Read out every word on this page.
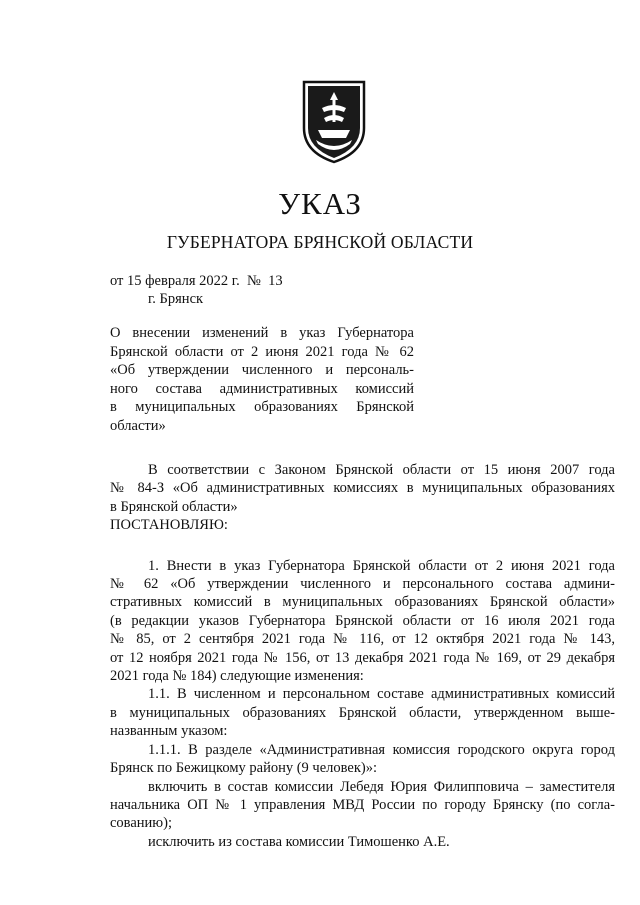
УКАЗ
ГУБЕРНАТОРА БРЯНСКОЙ ОБЛАСТИ
от 15 февраля 2022 г.  №  13
г. Брянск
О внесении изменений в указ Губернатора
Брянской области от 2 июня 2021 года № 62
«Об утверждении численного и персональ-
ного состава административных комиссий
в муниципальных образованиях Брянской
области»
В соответствии с Законом Брянской области от 15 июня 2007 года
№ 84-З «Об административных комиссиях в муниципальных образованиях
в Брянской области»
ПОСТАНОВЛЯЮ:
1. Внести в указ Губернатора Брянской области от 2 июня 2021 года
№ 62 «Об утверждении численного и персонального состава админи-
стративных комиссий в муниципальных образованиях Брянской области»
(в редакции указов Губернатора Брянской области от 16 июля 2021 года
№ 85, от 2 сентября 2021 года № 116, от 12 октября 2021 года № 143,
от 12 ноября 2021 года № 156, от 13 декабря 2021 года № 169, от 29 декабря
2021 года № 184) следующие изменения:
1.1. В численном и персональном составе административных комиссий
в муниципальных образованиях Брянской области, утвержденном выше-
названным указом:
1.1.1. В разделе «Административная комиссия городского округа город
Брянск по Бежицкому району (9 человек)»:
включить в состав комиссии Лебедя Юрия Филипповича – заместителя
начальника ОП № 1 управления МВД России по городу Брянску (по согла-
сованию);
исключить из состава комиссии Тимошенко А.Е.
